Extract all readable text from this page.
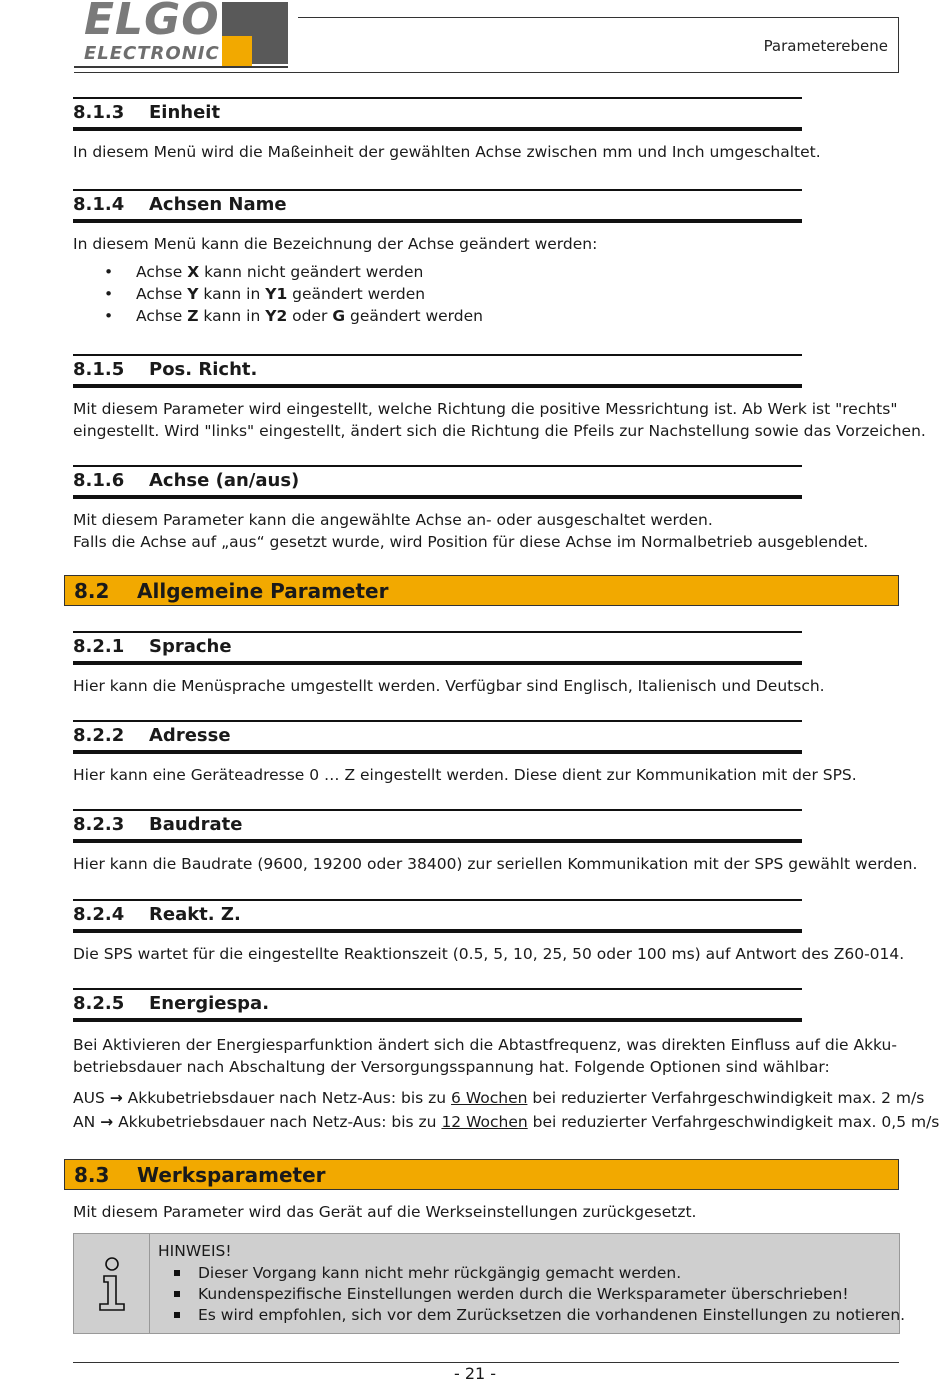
ELGO
ELECTRONIC	Parameterebene
8.1.3 Einheit
In diesem Menü wird die Maßeinheit der gewählten Achse zwischen mm und Inch umgeschaltet.
8.1.4 Achsen Name
In diesem Menü kann die Bezeichnung der Achse geändert werden:
• Achse X kann nicht geändert werden
• Achse Y kann in Y1 geändert werden
• Achse Z kann in Y2 oder G geändert werden
8.1.5 Pos. Richt.
Mit diesem Parameter wird eingestellt, welche Richtung die positive Messrichtung ist. Ab Werk ist "rechts"
eingestellt. Wird "links" eingestellt, ändert sich die Richtung die Pfeils zur Nachstellung sowie das Vorzeichen.
8.1.6 Achse (an/aus)
Mit diesem Parameter kann die angewählte Achse an- oder ausgeschaltet werden.
Falls die Achse auf „aus“ gesetzt wurde, wird Position für diese Achse im Normalbetrieb ausgeblendet.
8.2 Allgemeine Parameter
8.2.1 Sprache
Hier kann die Menüsprache umgestellt werden. Verfügbar sind Englisch, Italienisch und Deutsch.
8.2.2 Adresse
Hier kann eine Geräteadresse 0 … Z eingestellt werden. Diese dient zur Kommunikation mit der SPS.
8.2.3 Baudrate
Hier kann die Baudrate (9600, 19200 oder 38400) zur seriellen Kommunikation mit der SPS gewählt werden.
8.2.4 Reakt. Z.
Die SPS wartet für die eingestellte Reaktionszeit (0.5, 5, 10, 25, 50 oder 100 ms) auf Antwort des Z60-014.
8.2.5 Energiespa.
Bei Aktivieren der Energiesparfunktion ändert sich die Abtastfrequenz, was direkten Einfluss auf die Akku-
betriebsdauer nach Abschaltung der Versorgungsspannung hat. Folgende Optionen sind wählbar:
AUS → Akkubetriebsdauer nach Netz-Aus: bis zu 6 Wochen bei reduzierter Verfahrgeschwindigkeit max. 2 m/s
AN → Akkubetriebsdauer nach Netz-Aus: bis zu 12 Wochen bei reduzierter Verfahrgeschwindigkeit max. 0,5 m/s
8.3 Werksparameter
Mit diesem Parameter wird das Gerät auf die Werkseinstellungen zurückgesetzt.
HINWEIS!
Dieser Vorgang kann nicht mehr rückgängig gemacht werden.
Kundenspezifische Einstellungen werden durch die Werksparameter überschrieben!
Es wird empfohlen, sich vor dem Zurücksetzen die vorhandenen Einstellungen zu notieren.
- 21 -
